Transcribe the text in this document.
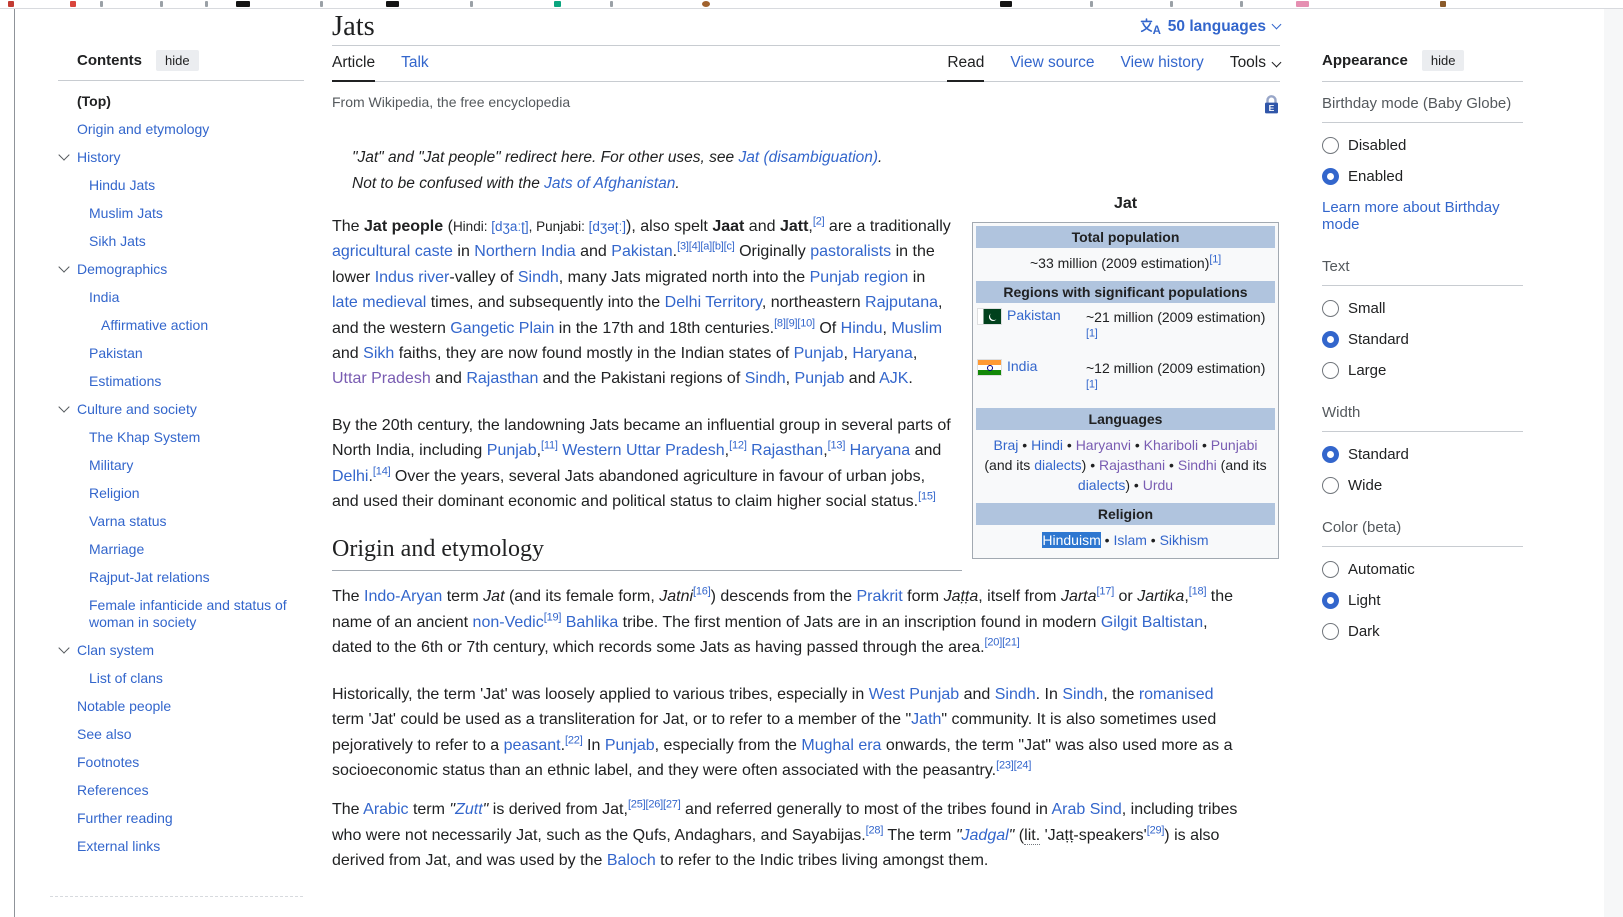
Contents	hide
(Top)
Origin and etymology
History
Hindu Jats
Muslim Jats
Sikh Jats
Demographics
India
Affirmative action
Pakistan
Estimations
Culture and society
The Khap System
Military
Religion
Varna status
Marriage
Rajput-Jat relations
Female infanticide and status of woman in society
Clan system
List of clans
Notable people
See also
Footnotes
References
Further reading
External links
Jats	A 50 languages
Article Talk	Read View source View history Tools
From Wikipedia, the free encyclopedia	E
"Jat" and "Jat people" redirect here. For other uses, see Jat (disambiguation).
Not to be confused with the Jats of Afghanistan.

The Jat people (Hindi: [dʒaːʈ], Punjabi: [dʒəʈː]), also spelt Jaat and Jatt,[2] are a traditionally agricultural caste in Northern India and Pakistan.[3][4][a][b][c] Originally pastoralists in the lower Indus river-valley of Sindh, many Jats migrated north into the Punjab region in late medieval times, and subsequently into the Delhi Territory, northeastern Rajputana, and the western Gangetic Plain in the 17th and 18th centuries.[8][9][10] Of Hindu, Muslim and Sikh faiths, they are now found mostly in the Indian states of Punjab, Haryana, Uttar Pradesh and Rajasthan and the Pakistani regions of Sindh, Punjab and AJK.

By the 20th century, the landowning Jats became an influential group in several parts of North India, including Punjab,[11] Western Uttar Pradesh,[12] Rajasthan,[13] Haryana and Delhi.[14] Over the years, several Jats abandoned agriculture in favour of urban jobs, and used their dominant economic and political status to claim higher social status.[15]

Origin and etymology

The Indo-Aryan term Jat (and its female form, Jatni[16]) descends from the Prakrit form Jaṭṭa, itself from Jarta[17] or Jartika,[18] the name of an ancient non-Vedic[19] Bahlika tribe. The first mention of Jats are in an inscription found in modern Gilgit Baltistan, dated to the 6th or 7th century, which records some Jats as having passed through the area.[20][21]

Historically, the term 'Jat' was loosely applied to various tribes, especially in West Punjab and Sindh. In Sindh, the romanised term 'Jat' could be used as a transliteration for Jat, or to refer to a member of the "Jath" community. It is also sometimes used pejoratively to refer to a peasant.[22] In Punjab, especially from the Mughal era onwards, the term "Jat" was also used more as a socioeconomic status than an ethnic label, and they were often associated with the peasantry.[23][24]

The Arabic term "Zutt" is derived from Jat,[25][26][27] and referred generally to most of the tribes found in Arab Sind, including tribes who were not necessarily Jat, such as the Qufs, Andaghars, and Sayabijas.[28] The term "Jadgal" (lit. 'Jaṭṭ-speakers'[29]) is also derived from Jat, and was used by the Baloch to refer to the Indic tribes living amongst them.

Jat
Total population
~33 million (2009 estimation)[1]
Regions with significant populations
Pakistan ~21 million (2009 estimation)[1]
India	~12 million (2009 estimation)[1]
Languages
Braj • Hindi • Haryanvi • Khariboli • Punjabi (and its dialects) • Rajasthani • Sindhi (and its dialects) • Urdu
Religion
Hinduism • Islam • Sikhism
Appearance	hide
Birthday mode (Baby Globe)
Disabled
Enabled
Learn more about Birthday mode
Text
Small
Standard
Large
Width
Standard
Wide
Color (beta)
Automatic
Light
Dark
